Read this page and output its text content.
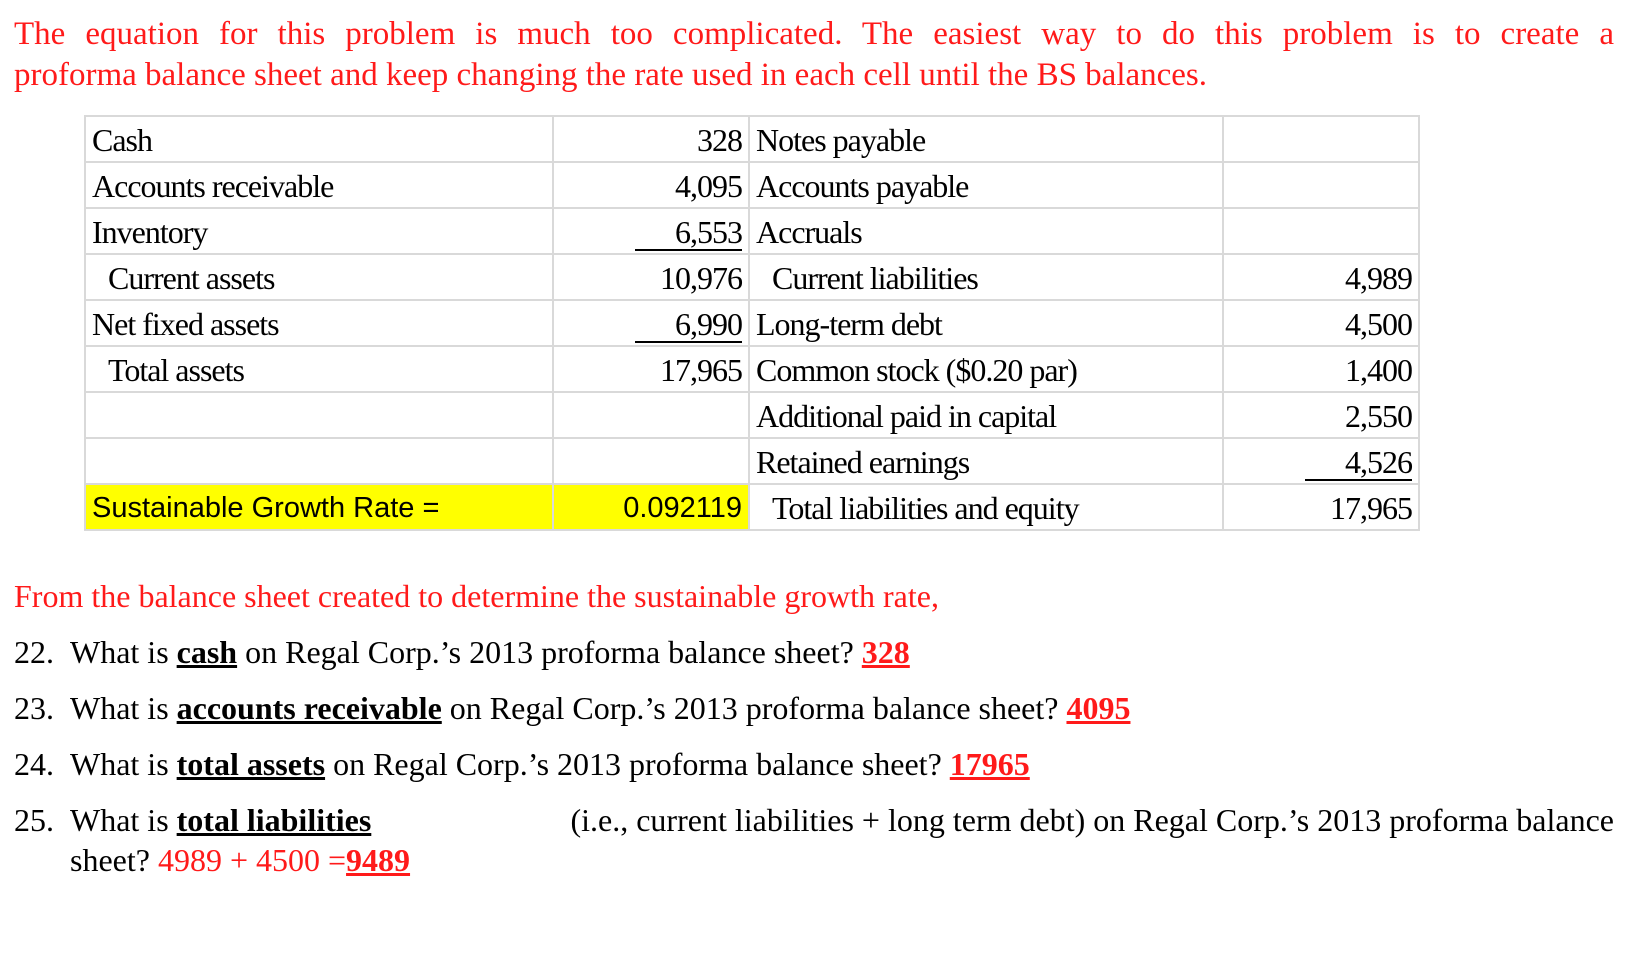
The equation for this problem is much too complicated. The easiest way to do this problem is to create a
proforma balance sheet and keep changing the rate used in each cell until the BS balances.
Cash	328	Notes payable	
Accounts receivable	4,095	Accounts payable	
Inventory	6,553	Accruals	
Current assets	10,976	Current liabilities	4,989
Net fixed assets	6,990	Long-term debt	4,500
Total assets	17,965	Common stock ($0.20 par)	1,400
		Additional paid in capital	2,550
		Retained earnings	4,526
Sustainable Growth Rate =	0.092119	Total liabilities and equity	17,965
From the balance sheet created to determine the sustainable growth rate,
22. What is cash on Regal Corp.’s 2013 proforma balance sheet? 328
23. What is accounts receivable on Regal Corp.’s 2013 proforma balance sheet? 4095
24. What is total assets on Regal Corp.’s 2013 proforma balance sheet? 17965
25. What is total liabilities	(i.e., current liabilities + long term debt) on Regal Corp.’s 2013 proforma balance
sheet? 4989 + 4500 =9489
